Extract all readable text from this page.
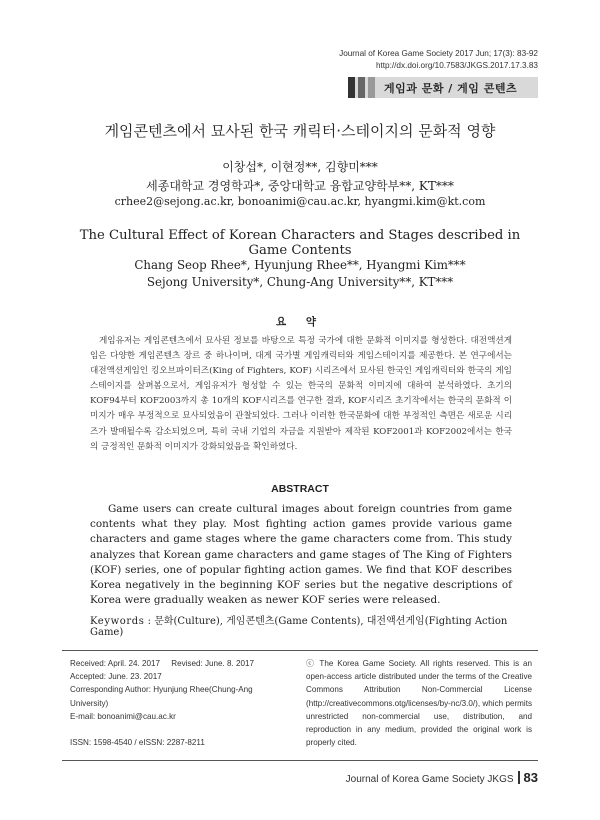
Journal of Korea Game Society 2017 Jun; 17(3): 83-92
http://dx.doi.org/10.7583/JKGS.2017.17.3.83
게임과 문화 / 게임 콘텐츠
게임콘텐츠에서 묘사된 한국 캐릭터·스테이지의 문화적 영향
이창섭*, 이현정**, 김향미***
세종대학교 경영학과*, 중앙대학교 융합교양학부**, KT***
crhee2@sejong.ac.kr, bonoanimi@cau.ac.kr, hyangmi.kim@kt.com
The Cultural Effect of Korean Characters and Stages described in Game Contents
Chang Seop Rhee*, Hyunjung Rhee**, Hyangmi Kim***
Sejong University*, Chung-Ang University**, KT***
요 약
게임유저는 게임콘텐츠에서 묘사된 정보를 바탕으로 특정 국가에 대한 문화적 이미지를 형성한다. 대전액션게임은 다양한 게임콘텐츠 장르 중 하나이며, 대게 국가별 게임캐릭터와 게임스테이지를 제공한다. 본 연구에서는 대전액션게임인 킹오브파이터즈(King of Fighters, KOF) 시리즈에서 묘사된 한국인 게임캐릭터와 한국의 게임스테이지를 살펴봄으로서, 게임유저가 형성할 수 있는 한국의 문화적 이미지에 대하여 분석하였다. 초기의 KOF94부터 KOF2003까지 총 10개의 KOF시리즈를 연구한 결과, KOF시리즈 초기작에서는 한국의 문화적 이미지가 매우 부정적으로 묘사되었음이 관찰되었다. 그러나 이러한 한국문화에 대한 부정적인 측면은 새로운 시리즈가 발매될수록 감소되었으며, 특히 국내 기업의 자금을 지원받아 제작된 KOF2001과 KOF2002에서는 한국의 긍정적인 문화적 이미지가 강화되었음을 확인하였다.
ABSTRACT
Game users can create cultural images about foreign countries from game contents what they play. Most fighting action games provide various game characters and game stages where the game characters come from. This study analyzes that Korean game characters and game stages of The King of Fighters (KOF) series, one of popular fighting action games. We find that KOF describes Korea negatively in the beginning KOF series but the negative descriptions of Korea were gradually weaken as newer KOF series were released.
Keywords : 문화(Culture), 게임콘텐츠(Game Contents), 대전액션게임(Fighting Action Game)
Received: April. 24. 2017     Revised: June. 8. 2017
Accepted: June. 23. 2017
Corresponding Author: Hyunjung Rhee(Chung-Ang University)
E-mail: bonoanimi@cau.ac.kr
ISSN: 1598-4540 / eISSN: 2287-8211
ⓒ The Korea Game Society. All rights reserved. This is an open-access article distributed under the terms of the Creative Commons Attribution Non-Commercial License (http://creativecommons.otg/licenses/by-nc/3.0/), which permits unrestricted non-commercial use, distribution, and reproduction in any medium, provided the original work is properly cited.
Journal of Korea Game Society JKGS 83
